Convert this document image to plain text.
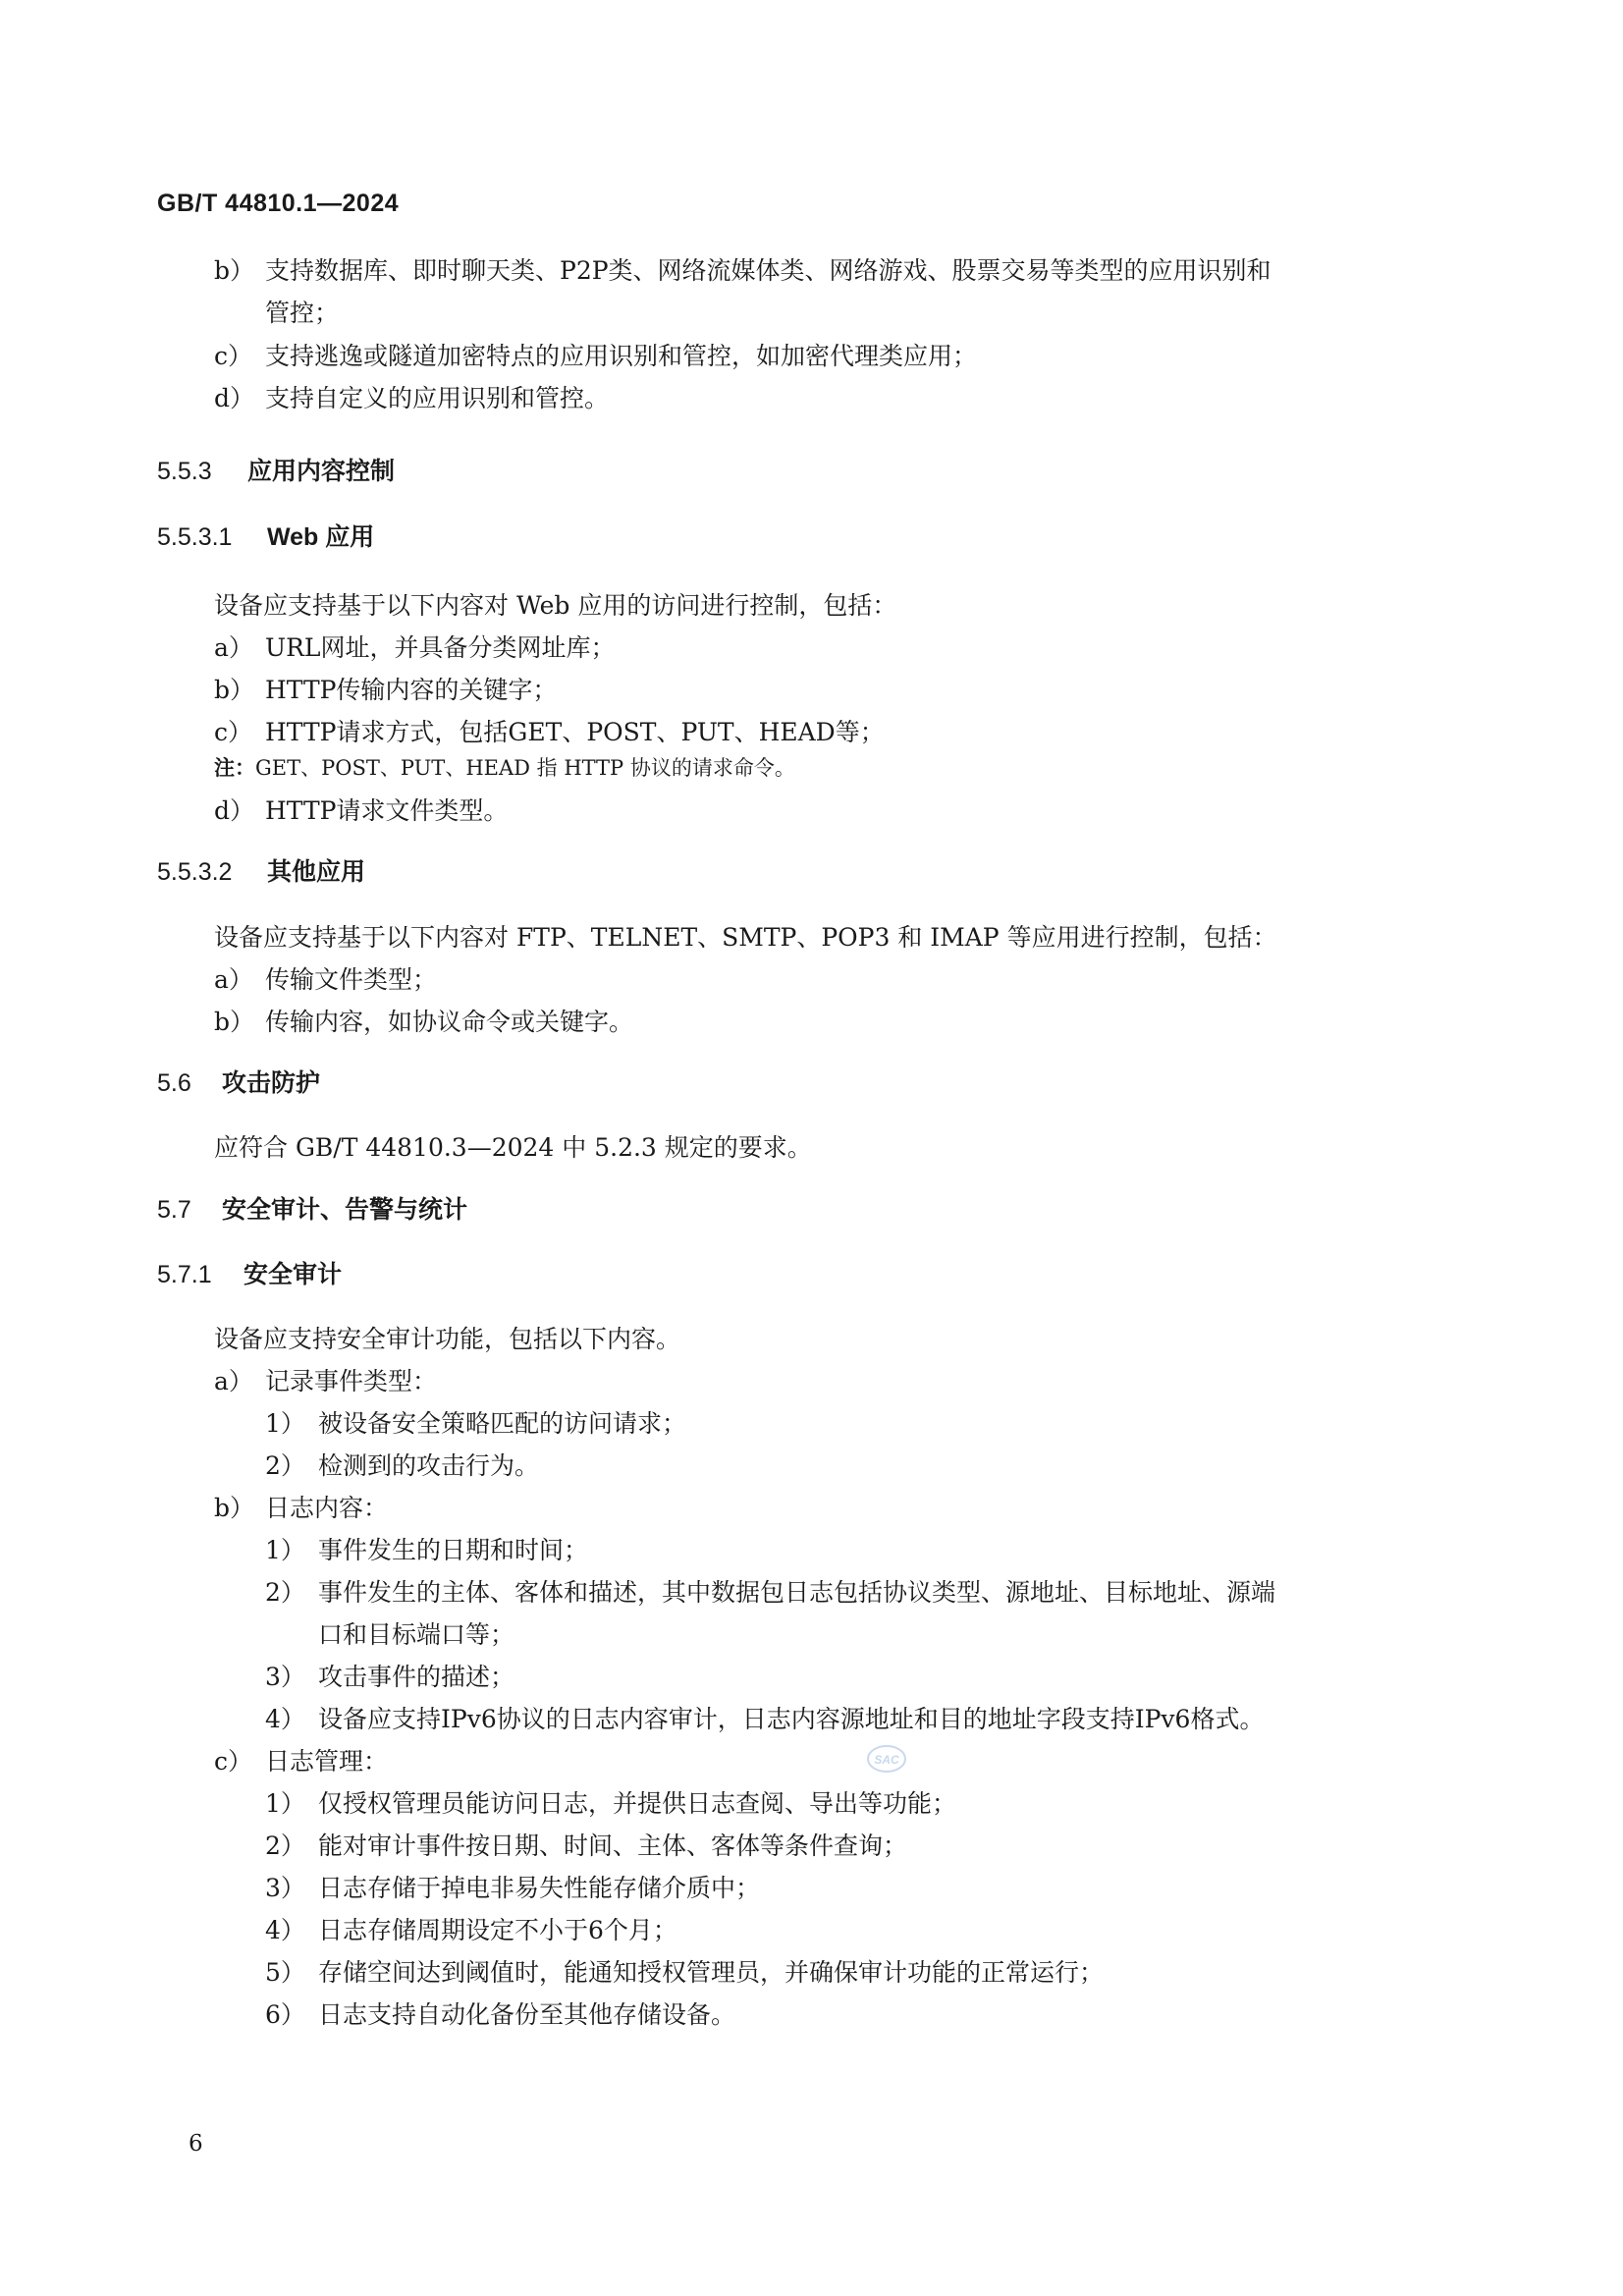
GB/T 44810.1—2024
b） 支持数据库、即时聊天类、P2P类、网络流媒体类、网络游戏、股票交易等类型的应用识别和
管控；
c） 支持逃逸或隧道加密特点的应用识别和管控，如加密代理类应用；
d） 支持自定义的应用识别和管控。
5.5.3 应用内容控制
5.5.3.1 Web 应用
设备应支持基于以下内容对 Web 应用的访问进行控制，包括：
a） URL网址，并具备分类网址库；
b） HTTP传输内容的关键字；
c） HTTP请求方式，包括GET、POST、PUT、HEAD等；
注：GET、POST、PUT、HEAD 指 HTTP 协议的请求命令。
d） HTTP请求文件类型。
5.5.3.2 其他应用
设备应支持基于以下内容对 FTP、TELNET、SMTP、POP3 和 IMAP 等应用进行控制，包括：
a） 传输文件类型；
b） 传输内容，如协议命令或关键字。
5.6 攻击防护
应符合 GB/T 44810.3—2024 中 5.2.3 规定的要求。
5.7 安全审计、告警与统计
5.7.1 安全审计
设备应支持安全审计功能，包括以下内容。
a） 记录事件类型：
1） 被设备安全策略匹配的访问请求；
2） 检测到的攻击行为。
b） 日志内容：
1） 事件发生的日期和时间；
2） 事件发生的主体、客体和描述，其中数据包日志包括协议类型、源地址、目标地址、源端
口和目标端口等；
3） 攻击事件的描述；
4） 设备应支持IPv6协议的日志内容审计，日志内容源地址和目的地址字段支持IPv6格式。
c） 日志管理：
1） 仅授权管理员能访问日志，并提供日志查阅、导出等功能；
2） 能对审计事件按日期、时间、主体、客体等条件查询；
3） 日志存储于掉电非易失性能存储介质中；
4） 日志存储周期设定不小于6个月；
5） 存储空间达到阈值时，能通知授权管理员，并确保审计功能的正常运行；
6） 日志支持自动化备份至其他存储设备。
SAC
6
